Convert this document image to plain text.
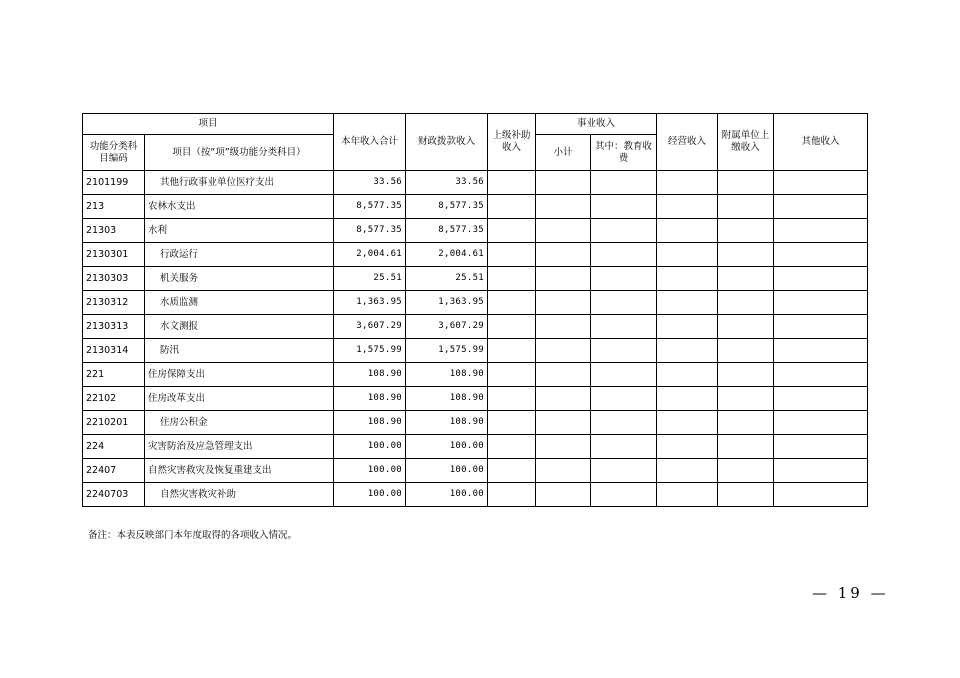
项目		本年收入合计	财政拨款收入	上级补助收入	事业收入		经营收入	附属单位上缴收入	其他收入
功能分类科目编码	项目（按“项”级功能分类科目）				小计	其中：教育收费			
2101199	其他行政事业单位医疗支出	33.56	33.56						
213	农林水支出	8,577.35	8,577.35						
21303	水利	8,577.35	8,577.35						
2130301	行政运行	2,004.61	2,004.61						
2130303	机关服务	25.51	25.51						
2130312	水质监测	1,363.95	1,363.95						
2130313	水文测报	3,607.29	3,607.29						
2130314	防汛	1,575.99	1,575.99						
221	住房保障支出	108.90	108.90						
22102	住房改革支出	108.90	108.90						
2210201	住房公积金	108.90	108.90						
224	灾害防治及应急管理支出	100.00	100.00						
22407	自然灾害救灾及恢复重建支出	100.00	100.00						
2240703	自然灾害救灾补助	100.00	100.00						
备注：本表反映部门本年度取得的各项收入情况。
— 19 —
